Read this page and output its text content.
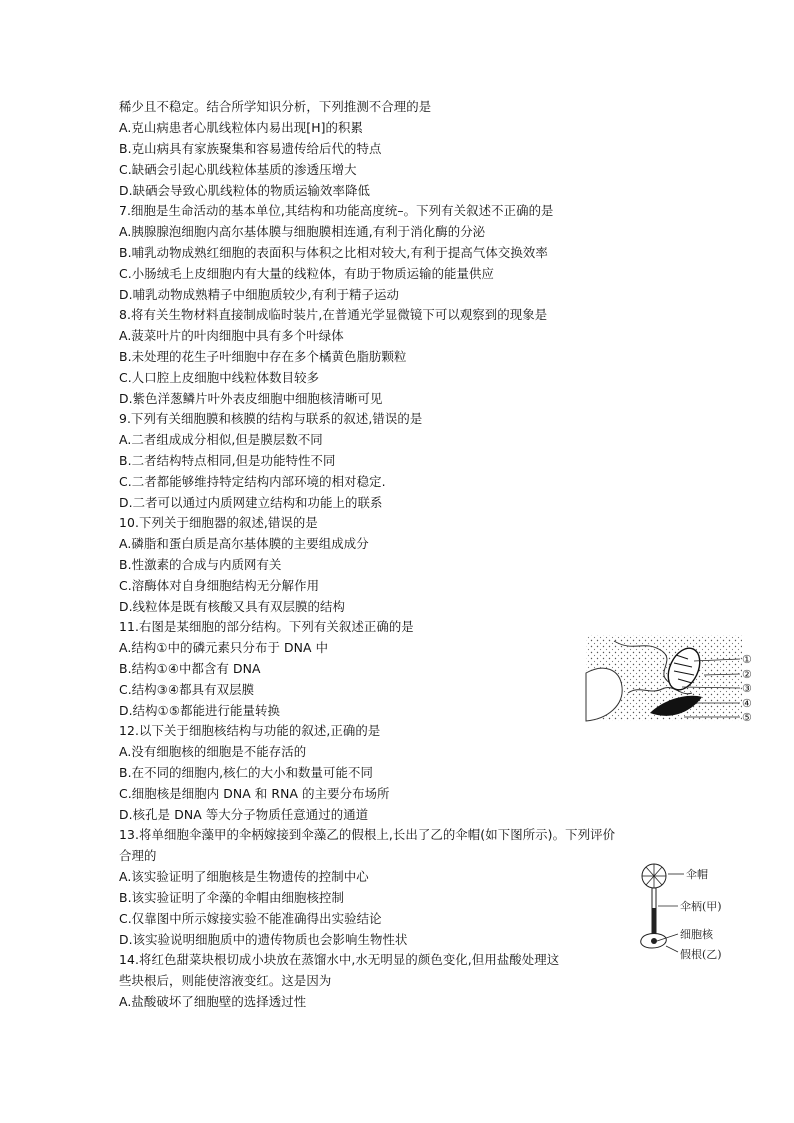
稀少且不稳定。结合所学知识分析，下列推测不合理的是
A.克山病患者心肌线粒体内易出现[H]的积累
B.克山病具有家族聚集和容易遗传给后代的特点
C.缺硒会引起心肌线粒体基质的渗透压增大
D.缺硒会导致心肌线粒体的物质运输效率降低
7.细胞是生命活动的基本单位,其结构和功能高度统–。下列有关叙述不正确的是
A.胰腺腺泡细胞内高尔基体膜与细胞膜相连通,有利于消化酶的分泌
B.哺乳动物成熟红细胞的表面积与体积之比相对较大,有利于提高气体交换效率
C.小肠绒毛上皮细胞内有大量的线粒体，有助于物质运输的能量供应
D.哺乳动物成熟精子中细胞质较少,有利于精子运动
8.将有关生物材料直接制成临时装片,在普通光学显微镜下可以观察到的现象是
A.菠菜叶片的叶肉细胞中具有多个叶绿体
B.未处理的花生子叶细胞中存在多个橘黄色脂肪颗粒
C.人口腔上皮细胞中线粒体数目较多
D.紫色洋葱鳞片叶外表皮细胞中细胞核清晰可见
9.下列有关细胞膜和核膜的结构与联系的叙述,错误的是
A.二者组成成分相似,但是膜层数不同
B.二者结构特点相同,但是功能特性不同
C.二者都能够维持特定结构内部环境的相对稳定.
D.二者可以通过内质网建立结构和功能上的联系
10.下列关于细胞器的叙述,错误的是
A.磷脂和蛋白质是高尔基体膜的主要组成成分
B.性激素的合成与内质网有关
C.溶酶体对自身细胞结构无分解作用
D.线粒体是既有核酸又具有双层膜的结构
11.右图是某细胞的部分结构。下列有关叙述正确的是
A.结构①中的磷元素只分布于 DNA 中
B.结构①④中都含有 DNA
C.结构③④都具有双层膜
D.结构①⑤都能进行能量转换
12.以下关于细胞核结构与功能的叙述,正确的是
A.没有细胞核的细胞是不能存活的
B.在不同的细胞内,核仁的大小和数量可能不同
C.细胞核是细胞内 DNA 和 RNA 的主要分布场所
D.核孔是 DNA 等大分子物质任意通过的通道
13.将单细胞伞藻甲的伞柄嫁接到伞藻乙的假根上,长出了乙的伞帽(如下图所示)。下列评价
合理的
A.该实验证明了细胞核是生物遗传的控制中心
B.该实验证明了伞藻的伞帽由细胞核控制
C.仅靠图中所示嫁接实验不能准确得出实验结论
D.该实验说明细胞质中的遗传物质也会影响生物性状
14.将红色甜菜块根切成小块放在蒸馏水中,水无明显的颜色变化,但用盐酸处理这
些块根后，则能使溶液变红。这是因为
A.盐酸破坏了细胞壁的选择透过性
①
②
③
④
⑤
伞帽
伞柄(甲)
细胞核
假根(乙)
